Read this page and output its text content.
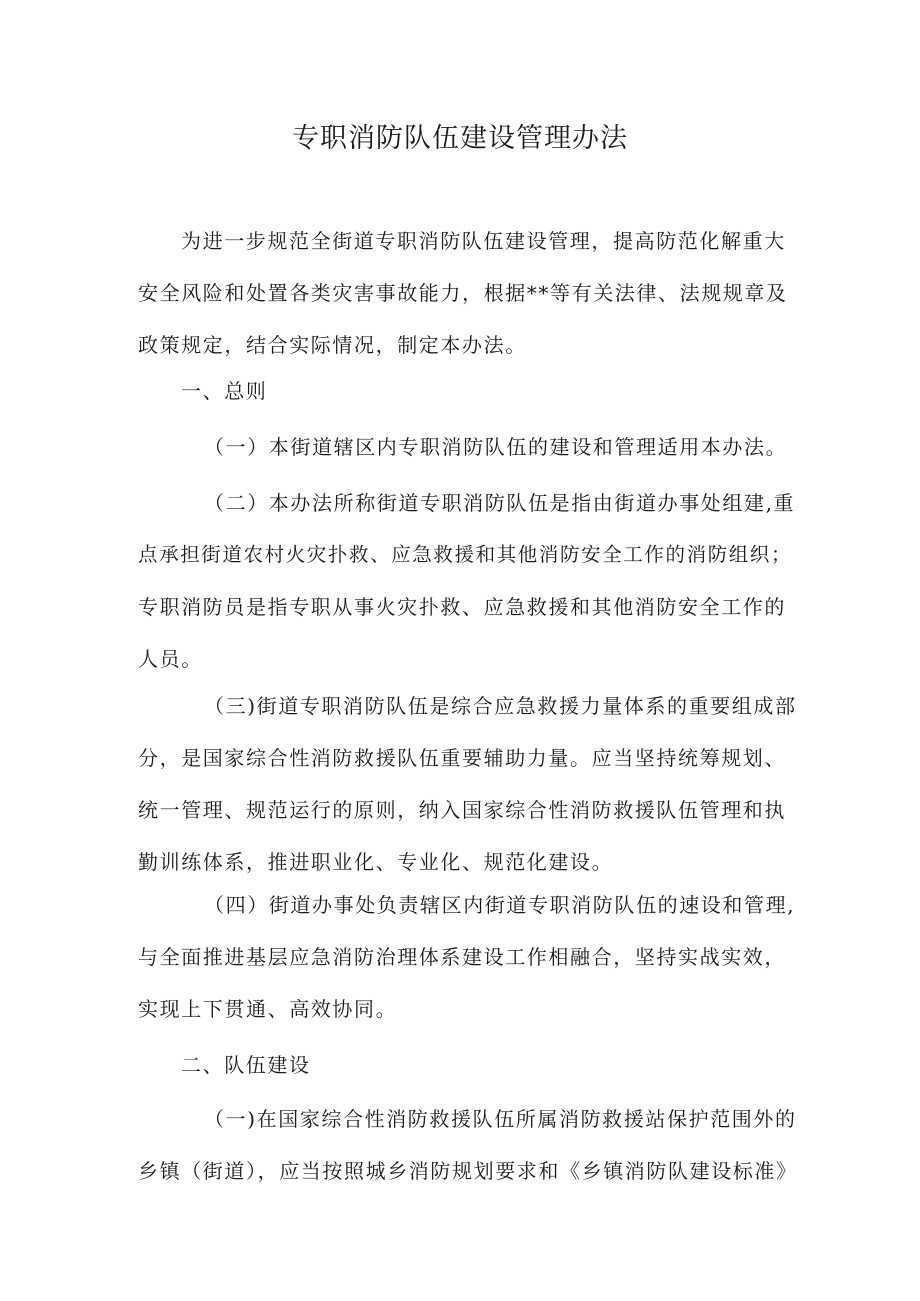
专职消防队伍建设管理办法

为进一步规范全街道专职消防队伍建设管理，提高防范化解重大
安全风险和处置各类灾害事故能力，根据**等有关法律、法规规章及
政策规定，结合实际情况，制定本办法。

一、总则

（一）本街道辖区内专职消防队伍的建设和管理适用本办法。

（二）本办法所称街道专职消防队伍是指由街道办事处组建,重
点承担街道农村火灾扑救、应急救援和其他消防安全工作的消防组织；
专职消防员是指专职从事火灾扑救、应急救援和其他消防安全工作的
人员。

（三)街道专职消防队伍是综合应急救援力量体系的重要组成部
分，是国家综合性消防救援队伍重要辅助力量。应当坚持统筹规划、
统一管理、规范运行的原则，纳入国家综合性消防救援队伍管理和执
勤训练体系，推进职业化、专业化、规范化建设。

（四）街道办事处负责辖区内街道专职消防队伍的速设和管理,
与全面推进基层应急消防治理体系建设工作相融合，坚持实战实效，
实现上下贯通、高效协同。

二、队伍建设

（一)在国家综合性消防救援队伍所属消防救援站保护范围外的
乡镇（街道），应当按照城乡消防规划要求和《乡镇消防队建设标准》
